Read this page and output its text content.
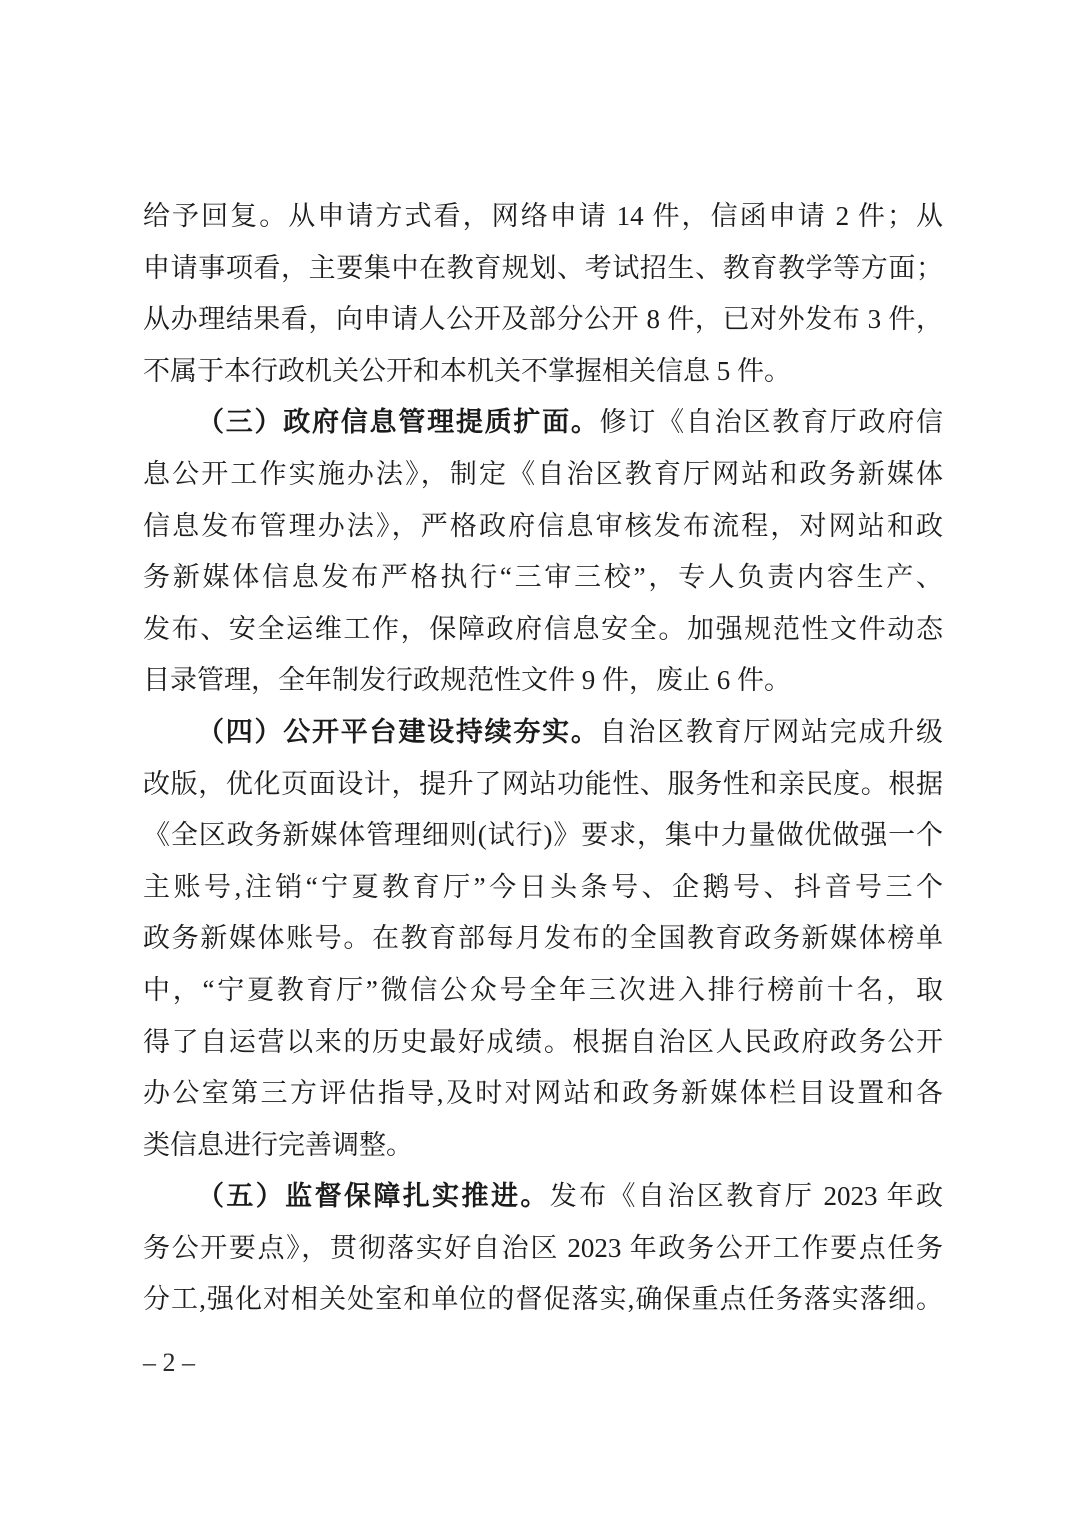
给予回复。从申请方式看，网络申请 14 件，信函申请 2 件；从
申请事项看，主要集中在教育规划、考试招生、教育教学等方面；
从办理结果看，向申请人公开及部分公开 8 件，已对外发布 3 件，
不属于本行政机关公开和本机关不掌握相关信息 5 件。
（三）政府信息管理提质扩面。修订《自治区教育厅政府信
息公开工作实施办法》，制定《自治区教育厅网站和政务新媒体
信息发布管理办法》，严格政府信息审核发布流程，对网站和政
务新媒体信息发布严格执行“三审三校”，专人负责内容生产、
发布、安全运维工作，保障政府信息安全。加强规范性文件动态
目录管理，全年制发行政规范性文件 9 件，废止 6 件。
（四）公开平台建设持续夯实。自治区教育厅网站完成升级
改版，优化页面设计，提升了网站功能性、服务性和亲民度。根据
《全区政务新媒体管理细则(试行)》要求，集中力量做优做强一个
主账号,注销“宁夏教育厅”今日头条号、企鹅号、抖音号三个
政务新媒体账号。在教育部每月发布的全国教育政务新媒体榜单
中，“宁夏教育厅”微信公众号全年三次进入排行榜前十名，取
得了自运营以来的历史最好成绩。根据自治区人民政府政务公开
办公室第三方评估指导,及时对网站和政务新媒体栏目设置和各
类信息进行完善调整。
（五）监督保障扎实推进。发布《自治区教育厅 2023 年政
务公开要点》，贯彻落实好自治区 2023 年政务公开工作要点任务
分工,强化对相关处室和单位的督促落实,确保重点任务落实落细。
– 2 –
